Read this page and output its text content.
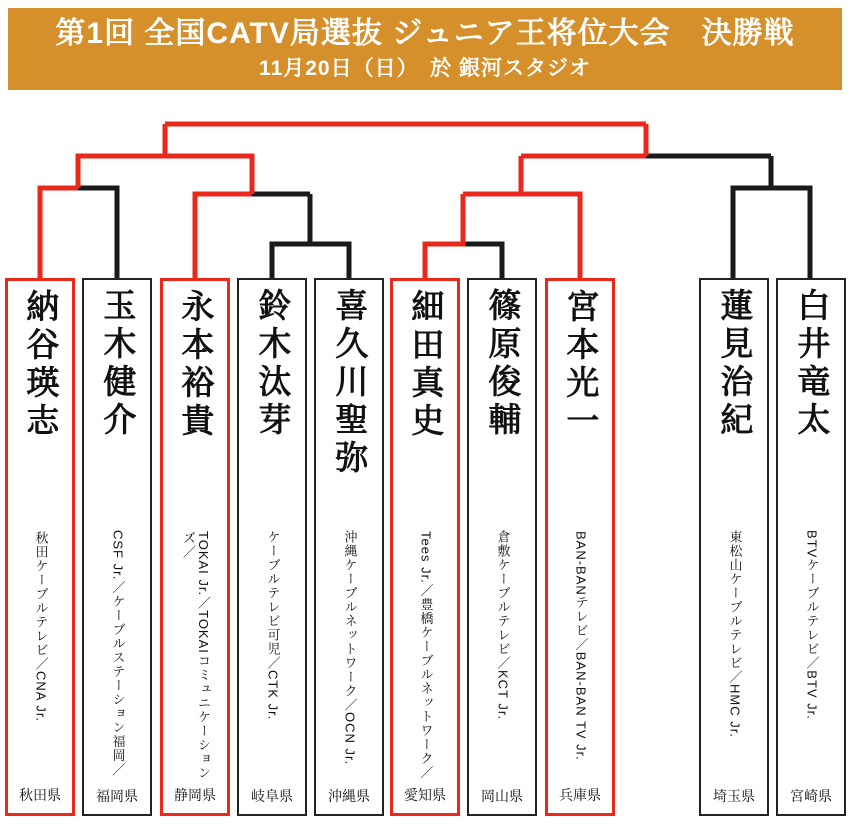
第1回 全国CATV局選抜 ジュニア王将位大会　決勝戦
11月20日（日）　於 銀河スタジオ
納谷瑛志
秋田ケーブルテレビ／CNA Jr.
秋田県
玉木健介
CSF Jr.／ケーブルステーション福岡／
福岡県
永本裕貴
TOKAI Jr.／TOKAIコミュニケーションズ／
静岡県
鈴木汰芽
ケーブルテレビ可児／CTK Jr.
岐阜県
喜久川聖弥
沖縄ケーブルネットワーク／OCN Jr.
沖縄県
細田真史
Tees Jr.／豊橋ケーブルネットワーク／
愛知県
篠原俊輔
倉敷ケーブルテレビ／KCT Jr.
岡山県
宮本光一
BAN-BANテレビ／BAN-BAN TV Jr.
兵庫県
蓮見治紀
東松山ケーブルテレビ／HMC Jr.
埼玉県
白井竜太
BTVケーブルテレビ／BTV Jr.
宮崎県
